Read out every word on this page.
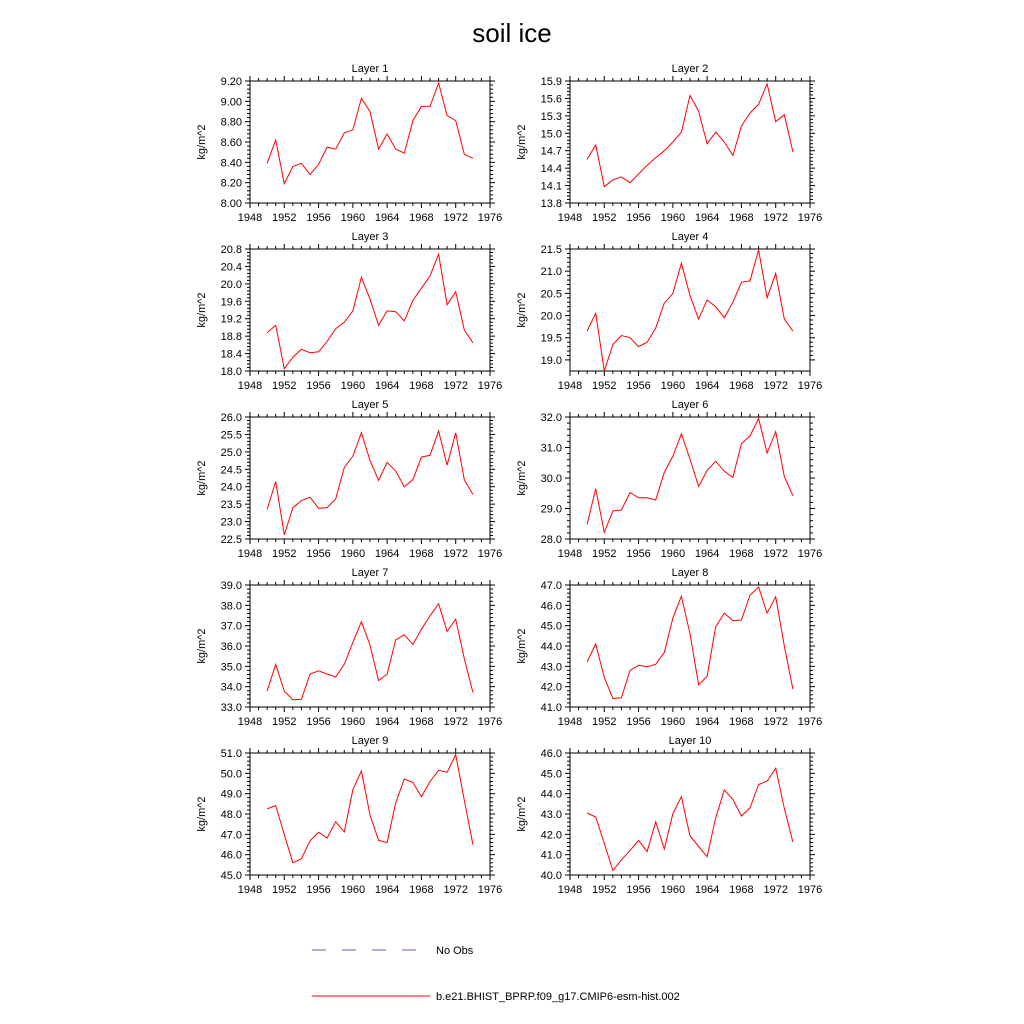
soil ice
Layer 1
kg/m^2
1948 1952 1956 1960 1964 1968 1972 1976
8.00
8.20
8.40
8.60
8.80
9.00
9.20
Layer 2
kg/m^2
1948 1952 1956 1960 1964 1968 1972 1976
13.8
14.1
14.4
14.7
15.0
15.3
15.6
15.9
Layer 3
kg/m^2
1948 1952 1956 1960 1964 1968 1972 1976
18.0
18.4
18.8
19.2
19.6
20.0
20.4
20.8
Layer 4
kg/m^2
1948 1952 1956 1960 1964 1968 1972 1976
19.0
19.5
20.0
20.5
21.0
21.5
Layer 5
kg/m^2
1948 1952 1956 1960 1964 1968 1972 1976
22.5
23.0
23.5
24.0
24.5
25.0
25.5
26.0
Layer 6
kg/m^2
1948 1952 1956 1960 1964 1968 1972 1976
28.0
29.0
30.0
31.0
32.0
Layer 7
kg/m^2
1948 1952 1956 1960 1964 1968 1972 1976
33.0
34.0
35.0
36.0
37.0
38.0
39.0
Layer 8
kg/m^2
1948 1952 1956 1960 1964 1968 1972 1976
41.0
42.0
43.0
44.0
45.0
46.0
47.0
Layer 9
kg/m^2
1948 1952 1956 1960 1964 1968 1972 1976
45.0
46.0
47.0
48.0
49.0
50.0
51.0
Layer 10
kg/m^2
1948 1952 1956 1960 1964 1968 1972 1976
40.0
41.0
42.0
43.0
44.0
45.0
46.0
No Obs
b.e21.BHIST_BPRP.f09_g17.CMIP6-esm-hist.002
